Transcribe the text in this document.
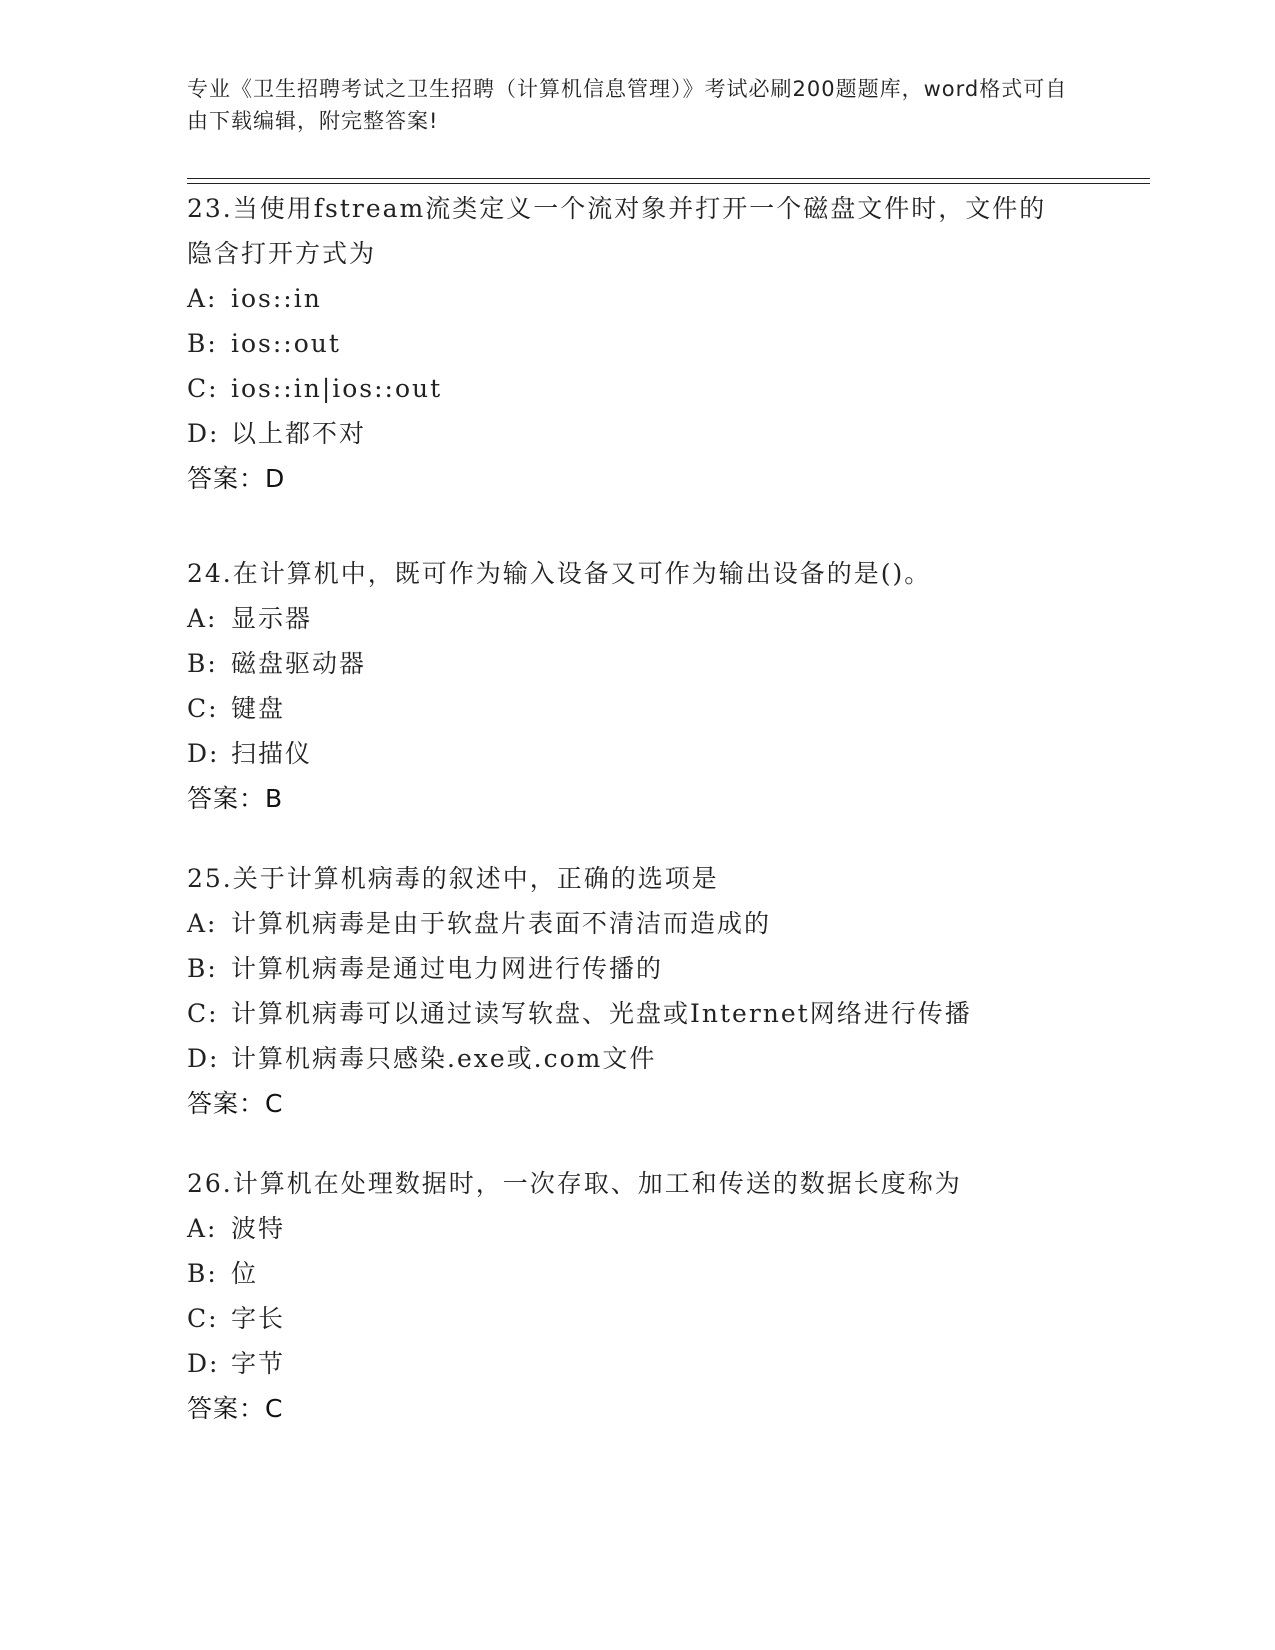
专业《卫生招聘考试之卫生招聘（计算机信息管理）》考试必刷200题题库，word格式可自由下载编辑，附完整答案!

23.当使用fstream流类定义一个流对象并打开一个磁盘文件时，文件的隐含打开方式为

A: ios::in

B: ios::out

C: ios::in|ios::out

D: 以上都不对

答案：D

24.在计算机中，既可作为输入设备又可作为输出设备的是()。

A: 显示器

B: 磁盘驱动器

C: 键盘

D: 扫描仪

答案：B

25.关于计算机病毒的叙述中，正确的选项是

A: 计算机病毒是由于软盘片表面不清洁而造成的

B: 计算机病毒是通过电力网进行传播的

C: 计算机病毒可以通过读写软盘、光盘或Internet网络进行传播

D: 计算机病毒只感染.exe或.com文件

答案：C

26.计算机在处理数据时，一次存取、加工和传送的数据长度称为

A: 波特

B: 位

C: 字长

D: 字节

答案：C
